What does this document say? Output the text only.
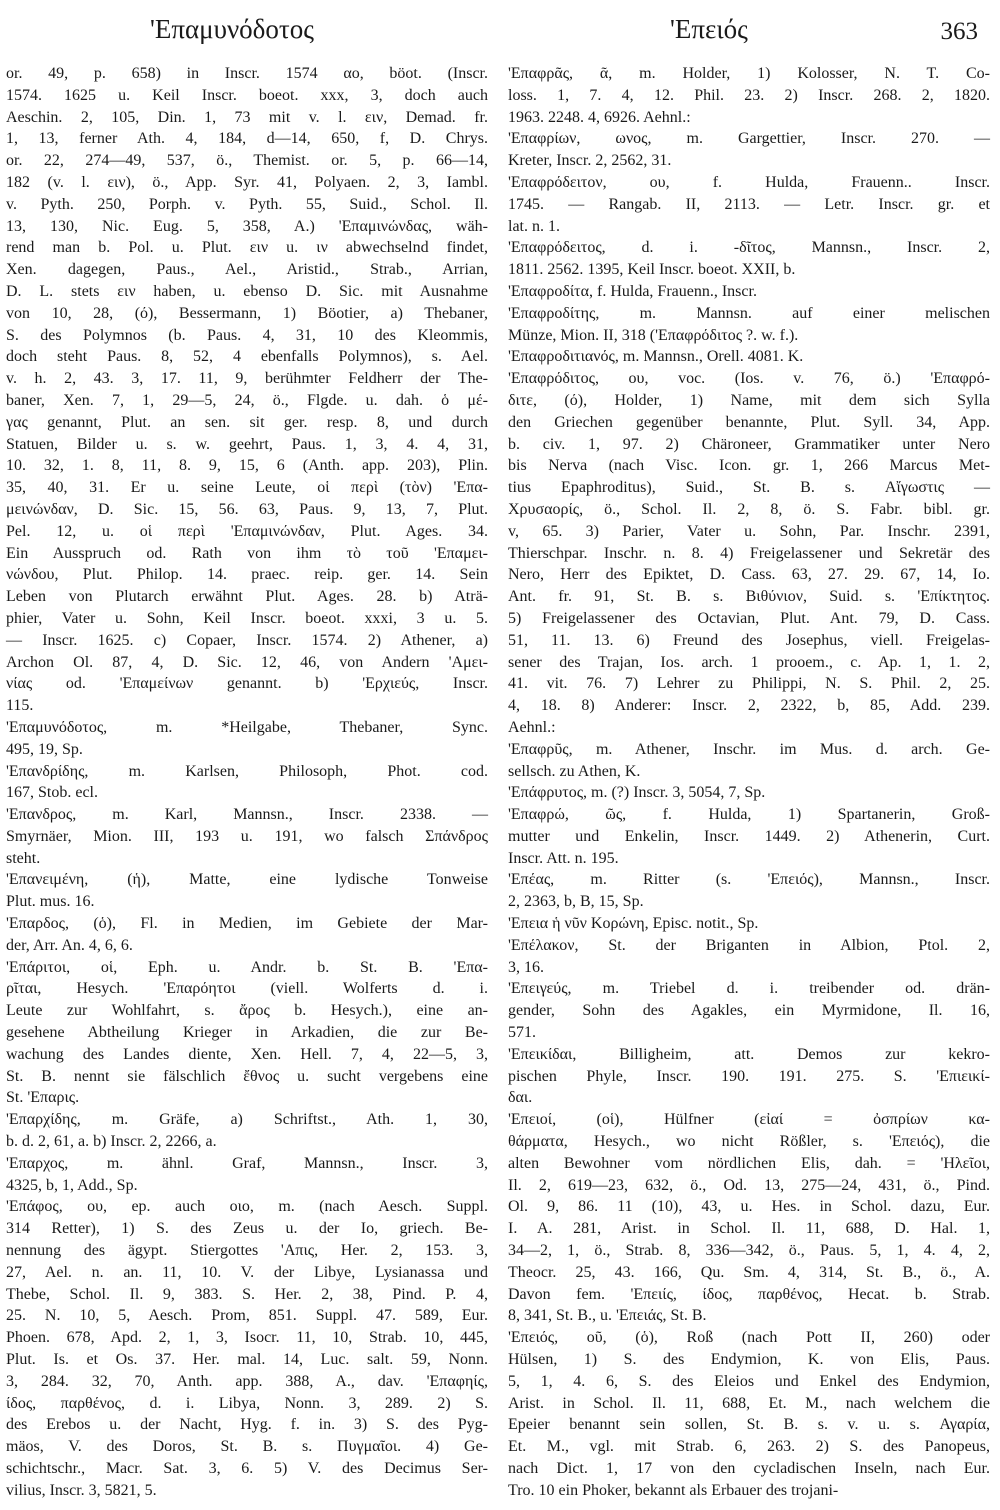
'Επαμυνόδοτος	'Επειός	363
or. 49, p. 658) in Inscr. 1574 αο, böot. (Inscr.
1574. 1625 u. Keil Inscr. boeot. xxx, 3, doch auch
Aeschin. 2, 105, Din. 1, 73 mit v. l. ειν, Demad. fr.
1, 13, ferner Ath. 4, 184, d—14, 650, f, D. Chrys.
or. 22, 274—49, 537, ö., Themist. or. 5, p. 66—14,
182 (v. l. ειν), ö., App. Syr. 41, Polyaen. 2, 3, Iambl.
v. Pyth. 250, Porph. v. Pyth. 55, Suid., Schol. Il.
13, 130, Nic. Eug. 5, 358, A.) 'Επαμινώνδας, wäh-
rend man b. Pol. u. Plut. ειν u. ιν abwechselnd findet,
Xen. dagegen, Paus., Ael., Aristid., Strab., Arrian,
D. L. stets ειν haben, u. ebenso D. Sic. mit Ausnahme
von 10, 28, (ό), Bessermann, 1) Böotier, a) Thebaner,
S. des Polymnos (b. Paus. 4, 31, 10 des Kleommis,
doch steht Paus. 8, 52, 4 ebenfalls Polymnos), s. Ael.
v. h. 2, 43. 3, 17. 11, 9, berühmter Feldherr der The-
baner, Xen. 7, 1, 29—5, 24, ö., Flgde. u. dah. ὁ μέ-
γας genannt, Plut. an sen. sit ger. resp. 8, und durch
Statuen, Bilder u. s. w. geehrt, Paus. 1, 3, 4. 4, 31,
10. 32, 1. 8, 11, 8. 9, 15, 6 (Anth. app. 203), Plin.
35, 40, 31. Er u. seine Leute, οἱ περὶ (τὸν) 'Επα-
μεινώνδαν, D. Sic. 15, 56. 63, Paus. 9, 13, 7, Plut.
Pel. 12, u. οἱ περὶ 'Επαμινώνδαν, Plut. Ages. 34.
Ein Ausspruch od. Rath von ihm τὸ τοῦ 'Επαμει-
νώνδου, Plut. Philop. 14. praec. reip. ger. 14. Sein
Leben von Plutarch erwähnt Plut. Ages. 28. b) Aträ-
phier, Vater u. Sohn, Keil Inscr. boeot. xxxi, 3 u. 5.
— Inscr. 1625. c) Copaer, Inscr. 1574. 2) Athener, a)
Archon Ol. 87, 4, D. Sic. 12, 46, von Andern 'Αμει-
νίας od. 'Επαμείνων genannt. b) 'Ερχιεύς, Inscr.
115.
'Επαμυνόδοτος, m. *Heilgabe, Thebaner, Sync.
495, 19, Sp.
'Επανδρίδης, m. Karlsen, Philosoph, Phot. cod.
167, Stob. ecl.
'Επανδρος, m. Karl, Mannsn., Inscr. 2338. —
Smyrnäer, Mion. III, 193 u. 191, wo falsch Σπάνδρος
steht.
'Επανειμένη, (ἡ), Matte, eine lydische Tonweise
Plut. mus. 16.
'Επαρδος, (ὁ), Fl. in Medien, im Gebiete der Mar-
der, Arr. An. 4, 6, 6.
'Επάριτοι, οἱ, Eph. u. Andr. b. St. B. 'Επα-
ρῖται, Hesych. 'Επαρόητοι (viell. Wolferts d. i.
Leute zur Wohlfahrt, s. ἄρος b. Hesych.), eine an-
gesehene Abtheilung Krieger in Arkadien, die zur Be-
wachung des Landes diente, Xen. Hell. 7, 4, 22—5, 3,
St. B. nennt sie fälschlich ἔθνος u. sucht vergebens eine
St. 'Επαρις.
'Επαρχίδης, m. Gräfe, a) Schriftst., Ath. 1, 30,
b. d. 2, 61, a. b) Inscr. 2, 2266, a.
'Επαρχος, m. ähnl. Graf, Mannsn., Inscr. 3,
4325, b, 1, Add., Sp.
'Επάφος, ου, ep. auch οιο, m. (nach Aesch. Suppl.
314 Retter), 1) S. des Zeus u. der Io, griech. Be-
nennung des ägypt. Stiergottes 'Απις, Her. 2, 153. 3,
27, Ael. n. an. 11, 10. V. der Libye, Lysianassa und
Thebe, Schol. Il. 9, 383. S. Her. 2, 38, Pind. P. 4,
25. N. 10, 5, Aesch. Prom, 851. Suppl. 47. 589, Eur.
Phoen. 678, Apd. 2, 1, 3, Isocr. 11, 10, Strab. 10, 445,
Plut. Is. et Os. 37. Her. mal. 14, Luc. salt. 59, Nonn.
3, 284. 32, 70, Anth. app. 388, A., dav. 'Επαφηίς,
ίδος, παρθένος, d. i. Libya, Nonn. 3, 289. 2) S.
des Erebos u. der Nacht, Hyg. f. in. 3) S. des Pyg-
mäos, V. des Doros, St. B. s. Πυγμαῖοι. 4) Ge-
schichtschr., Macr. Sat. 3, 6. 5) V. des Decimus Ser-
vilius, Inscr. 3, 5821, 5.
'Επαφρᾶς, ᾶ, m. Holder, 1) Kolosser, N. T. Co-
loss. 1, 7. 4, 12. Phil. 23. 2) Inscr. 268. 2, 1820.
1963. 2248. 4, 6926. Aehnl.:
'Επαφρίων, ωνος, m. Gargettier, Inscr. 270. —
Kreter, Inscr. 2, 2562, 31.
'Επαφρόδειτον, ου, f. Hulda, Frauenn.. Inscr.
1745. — Rangab. II, 2113. — Letr. Inscr. gr. et
lat. n. 1.
'Επαφρόδειτος, d. i. -δῖτος, Mannsn., Inscr. 2,
1811. 2562. 1395, Keil Inscr. boeot. XXII, b.
'Επαφροδίτα, f. Hulda, Frauenn., Inscr.
'Επαφροδίτης, m. Mannsn. auf einer melischen
Münze, Mion. II, 318 ('Επαφρόδιτος ?. w. f.).
'Επαφροδιτιανός, m. Mannsn., Orell. 4081. K.
'Επαφρόδιτος, ου, voc. (Ios. v. 76, ö.) 'Επαφρό-
διτε, (ό), Holder, 1) Name, mit dem sich Sylla
den Griechen gegenüber benannte, Plut. Syll. 34, App.
b. civ. 1, 97. 2) Chäroneer, Grammatiker unter Nero
bis Nerva (nach Visc. Icon. gr. 1, 266 Marcus Met-
tius Epaphroditus), Suid., St. B. s. Αἴγωστις —
Χρυσαορίς, ö., Schol. Il. 2, 8, ö. S. Fabr. bibl. gr.
v, 65. 3) Parier, Vater u. Sohn, Par. Inschr. 2391,
Thierschpar. Inschr. n. 8. 4) Freigelassener und Sekretär des
Nero, Herr des Epiktet, D. Cass. 63, 27. 29. 67, 14, Io.
Ant. fr. 91, St. B. s. Βιθύνιον, Suid. s. 'Επίκτητος.
5) Freigelassener des Octavian, Plut. Ant. 79, D. Cass.
51, 11. 13. 6) Freund des Josephus, viell. Freigelas-
sener des Trajan, Ios. arch. 1 prooem., c. Ap. 1, 1. 2,
41. vit. 76. 7) Lehrer zu Philippi, N. S. Phil. 2, 25.
4, 18. 8) Anderer: Inscr. 2, 2322, b, 85, Add. 239.
Aehnl.:
'Επαφρῦς, m. Athener, Inschr. im Mus. d. arch. Ge-
sellsch. zu Athen, K.
'Επάφρυτος, m. (?) Inscr. 3, 5054, 7, Sp.
'Επαφρώ, ῶς, f. Hulda, 1) Spartanerin, Groß-
mutter und Enkelin, Inscr. 1449. 2) Athenerin, Curt.
Inscr. Att. n. 195.
'Επέας, m. Ritter (s. 'Επειός), Mannsn., Inscr.
2, 2363, b, B, 15, Sp.
'Επεια ἡ νῦν Κορώνη, Episc. notit., Sp.
'Επέλακον, St. der Briganten in Albion, Ptol. 2,
3, 16.
'Επειγεύς, m. Triebel d. i. treibender od. drän-
gender, Sohn des Agakles, ein Myrmidone, Il. 16,
571.
'Επεικίδαι, Billigheim, att. Demos zur kekro-
pischen Phyle, Inscr. 190. 191. 275. S. 'Επιεικί-
δαι.
'Επειοί, (οἱ), Hülfner (εἰαί = ὀσπρίων κα-
θάρματα, Hesych., wo nicht Rößler, s. 'Επειός), die
alten Bewohner vom nördlichen Elis, dah. = 'Ηλεῖοι,
Il. 2, 619—23, 632, ö., Od. 13, 275—24, 431, ö., Pind.
Ol. 9, 86. 11 (10), 43, u. Hes. in Schol. dazu, Eur.
I. A. 281, Arist. in Schol. Il. 11, 688, D. Hal. 1,
34—2, 1, ö., Strab. 8, 336—342, ö., Paus. 5, 1, 4. 4, 2,
Theocr. 25, 43. 166, Qu. Sm. 4, 314, St. B., ö., A.
Davon fem. 'Επειίς, ίδος, παρθένος, Hecat. b. Strab.
8, 341, St. B., u. 'Επειάς, St. B.
'Επειός, οῦ, (ὁ), Roß (nach Pott II, 260) oder
Hülsen, 1) S. des Endymion, K. von Elis, Paus.
5, 1, 4. 6, S. des Eleios und Enkel des Endymion,
Arist. in Schol. Il. 11, 688, Et. M., nach welchem die
Epeier benannt sein sollen, St. B. s. v. u. s. Αγαρία,
Et. M., vgl. mit Strab. 6, 263. 2) S. des Panopeus,
nach Dict. 1, 17 von den cycladischen Inseln, nach Eur.
Tro. 10 ein Phoker, bekannt als Erbauer des trojani-
